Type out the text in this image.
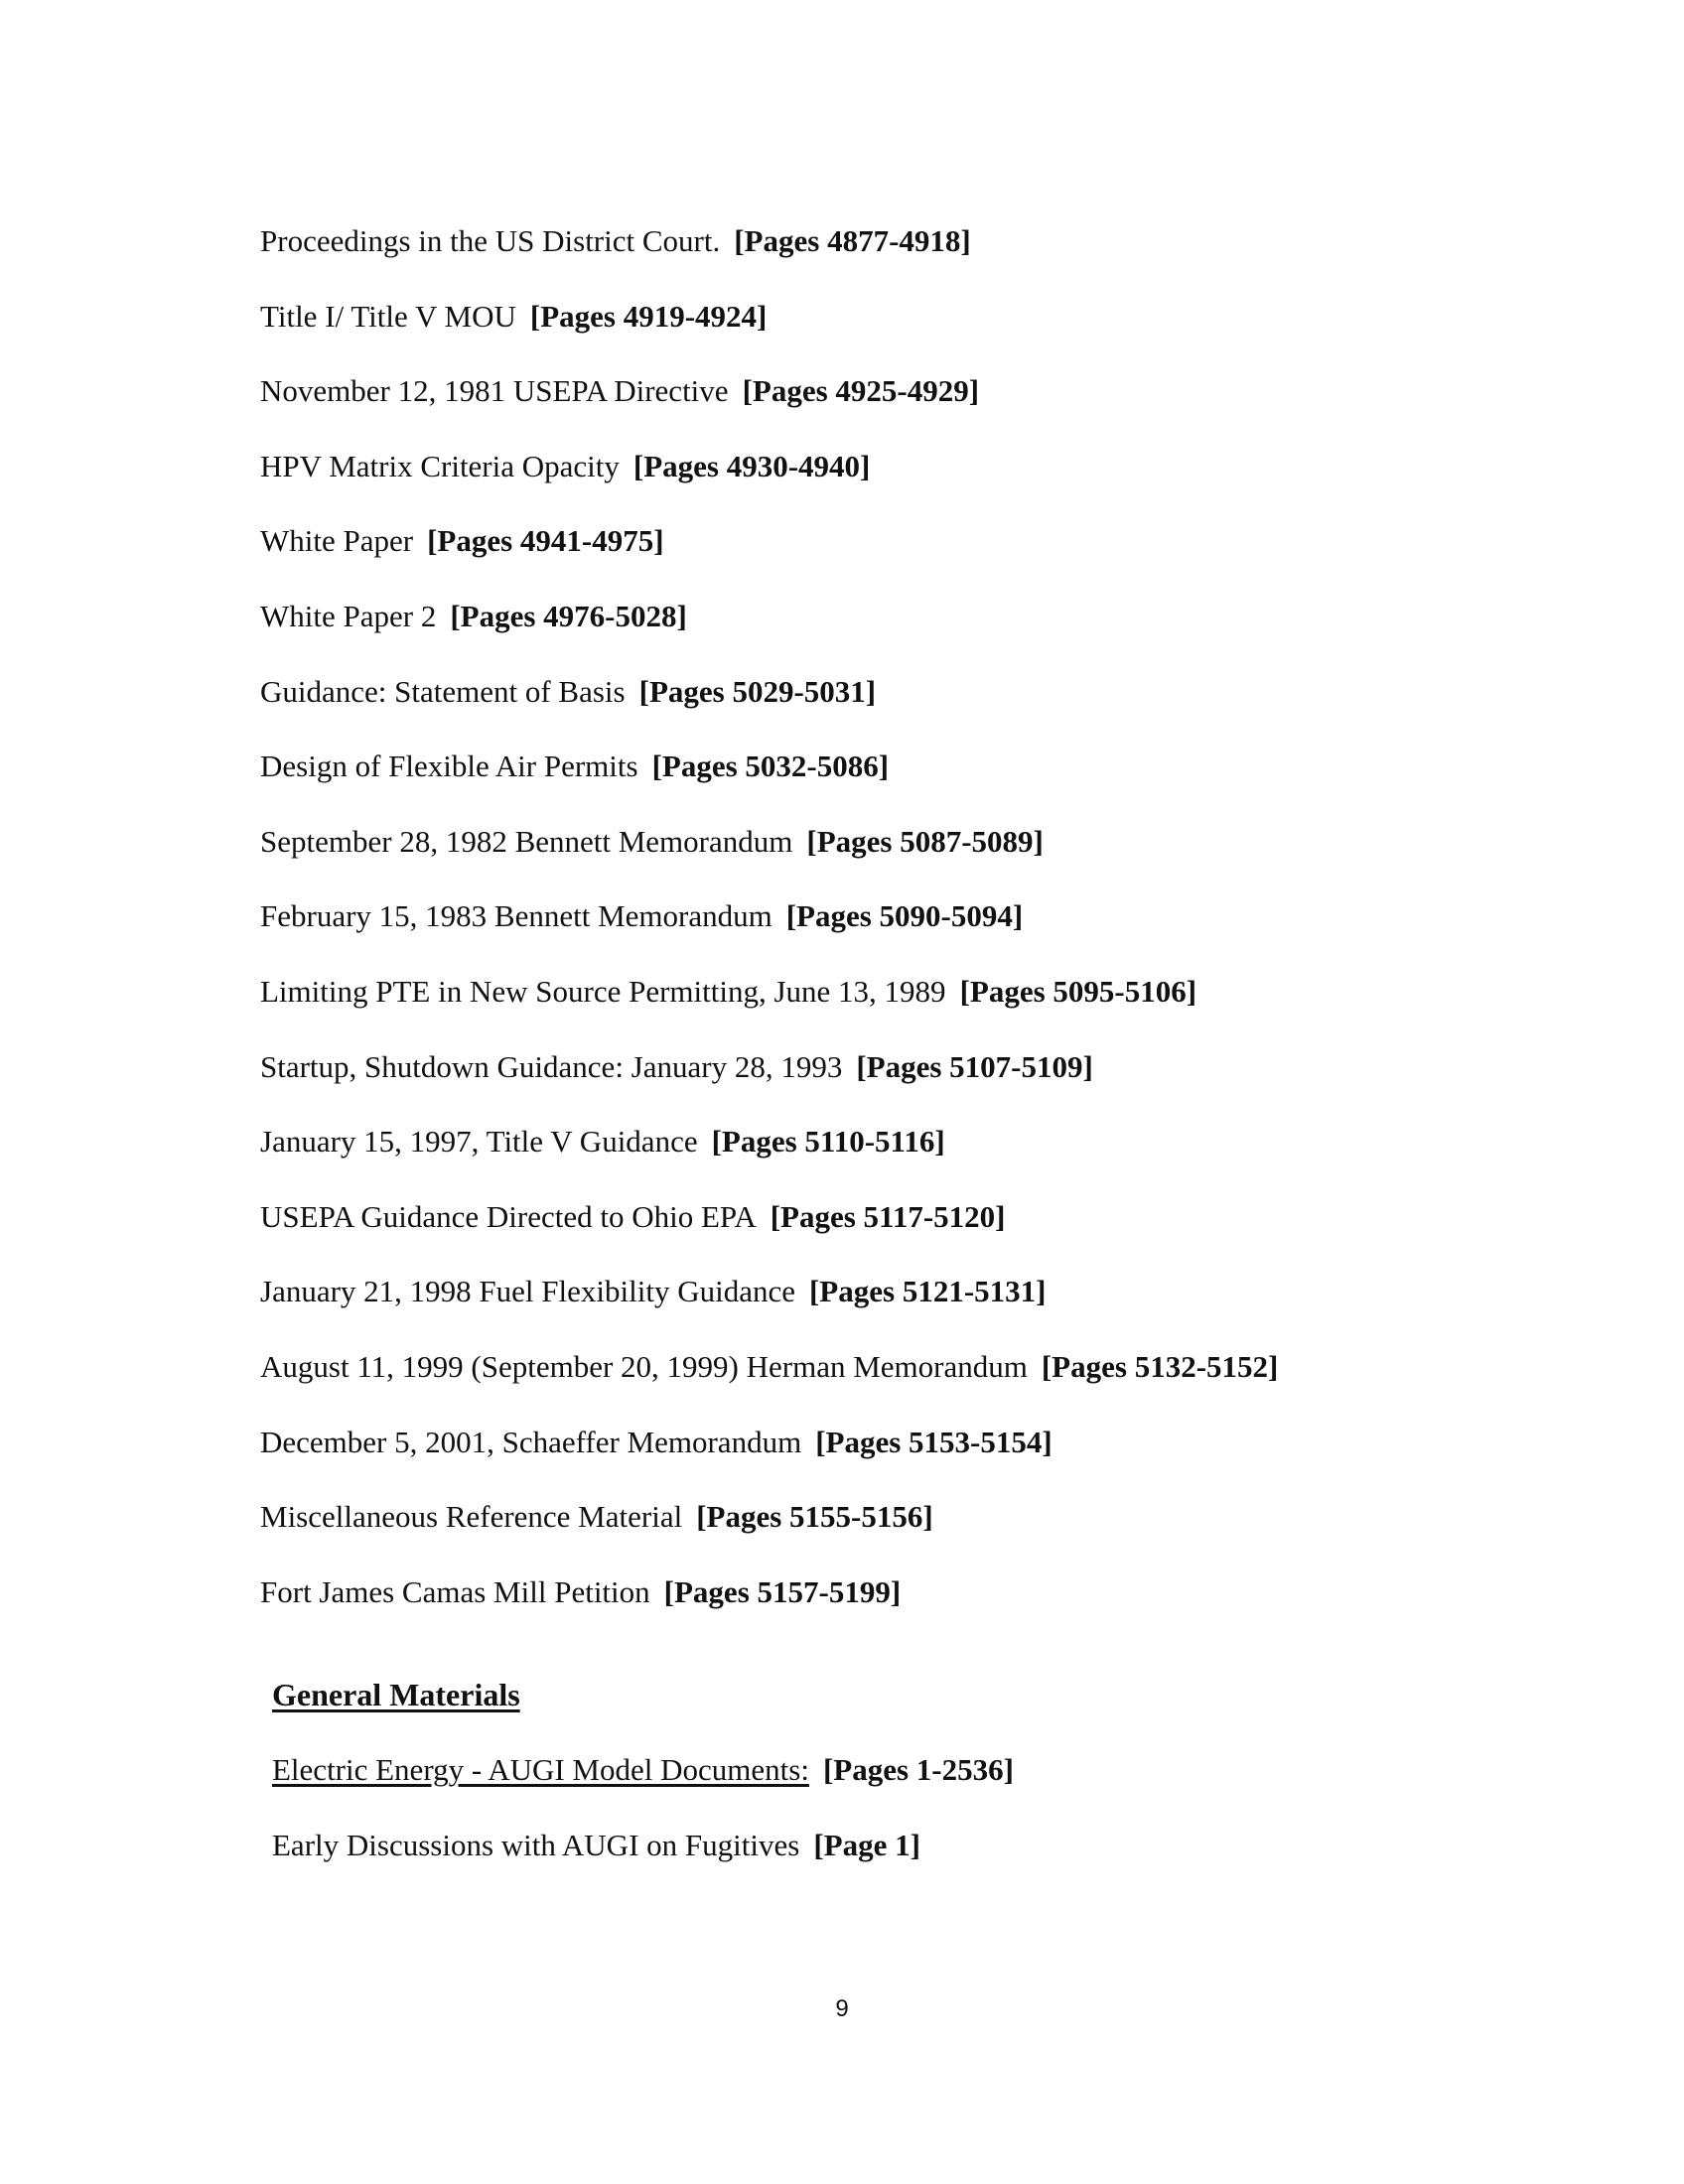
Proceedings in the US District Court. [Pages 4877-4918]
Title I/ Title V MOU [Pages 4919-4924]
November 12, 1981 USEPA Directive [Pages 4925-4929]
HPV Matrix Criteria Opacity [Pages 4930-4940]
White Paper [Pages 4941-4975]
White Paper 2 [Pages 4976-5028]
Guidance: Statement of Basis [Pages 5029-5031]
Design of Flexible Air Permits [Pages 5032-5086]
September 28, 1982 Bennett Memorandum [Pages 5087-5089]
February 15, 1983 Bennett Memorandum [Pages 5090-5094]
Limiting PTE in New Source Permitting, June 13, 1989 [Pages 5095-5106]
Startup, Shutdown Guidance: January 28, 1993 [Pages 5107-5109]
January 15, 1997, Title V Guidance [Pages 5110-5116]
USEPA Guidance Directed to Ohio EPA [Pages 5117-5120]
January 21, 1998 Fuel Flexibility Guidance [Pages 5121-5131]
August 11, 1999 (September 20, 1999) Herman Memorandum [Pages 5132-5152]
December 5, 2001, Schaeffer Memorandum [Pages 5153-5154]
Miscellaneous Reference Material [Pages 5155-5156]
Fort James Camas Mill Petition [Pages 5157-5199]
General Materials
Electric Energy - AUGI Model Documents: [Pages 1-2536]
Early Discussions with AUGI on Fugitives [Page 1]
9
